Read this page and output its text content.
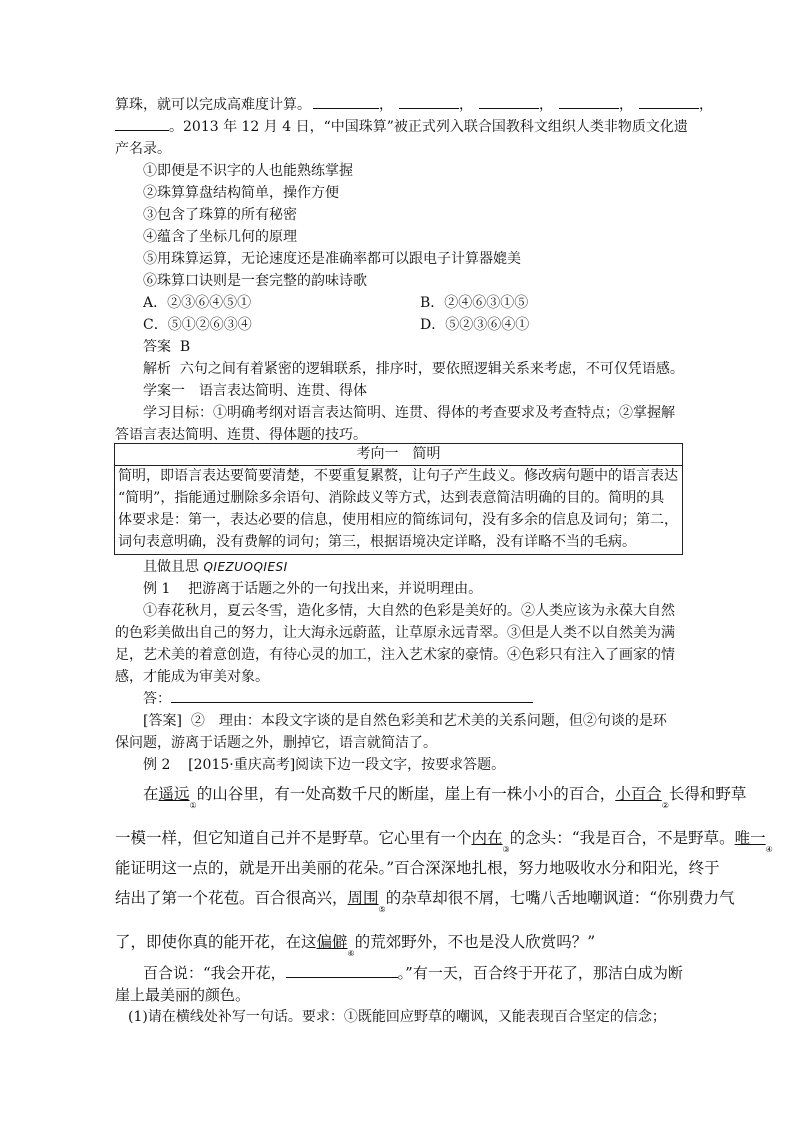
算珠，就可以完成高难度计算。	，	，	，	，	，
。2013 年 12 月 4 日，“中国珠算”被正式列入联合国教科文组织人类非物质文化遗
产名录。
①即便是不识字的人也能熟练掌握
②珠算算盘结构简单，操作方便
③包含了珠算的所有秘密
④蕴含了坐标几何的原理
⑤用珠算运算，无论速度还是准确率都可以跟电子计算器媲美
⑥珠算口诀则是一套完整的韵味诗歌
A．②③⑥④⑤①	B．②④⑥③①⑤
C．⑤①②⑥③④	D．⑤②③⑥④①
答案 B
解析 六句之间有着紧密的逻辑联系，排序时，要依照逻辑关系来考虑，不可仅凭语感。
学案一　语言表达简明、连贯、得体
学习目标：①明确考纲对语言表达简明、连贯、得体的考查要求及考查特点；②掌握解
答语言表达简明、连贯、得体题的技巧。
考向一　简明
简明，即语言表达要简要清楚，不要重复累赘，让句子产生歧义。修改病句题中的语言表达
“简明”，指能通过删除多余语句、消除歧义等方式，达到表意简洁明确的目的。简明的具
体要求是：第一，表达必要的信息，使用相应的简练词句，没有多余的信息及词句；第二，
词句表意明确，没有费解的词句；第三，根据语境决定详略，没有详略不当的毛病。
且做且思 QIEZUOQIESI
例 1 把游离于话题之外的一句找出来，并说明理由。
①春花秋月，夏云冬雪，造化多情，大自然的色彩是美好的。②人类应该为永葆大自然
的色彩美做出自己的努力，让大海永远蔚蓝，让草原永远青翠。③但是人类不以自然美为满
足，艺术美的着意创造，有待心灵的加工，注入艺术家的豪情。④色彩只有注入了画家的情
感，才能成为审美对象。
答：
[答案] ②　理由：本段文字谈的是自然色彩美和艺术美的关系问题，但②句谈的是环
保问题，游离于话题之外，删掉它，语言就简洁了。
例 2 [2015·重庆高考]阅读下边一段文字，按要求答题。
在遥远$_①$的山谷里，有一处高数千尺的断崖，崖上有一株小小的百合，小百合$_②$长得和野草
一模一样，但它知道自己并不是野草。它心里有一个内在$_③$的念头：“我是百合，不是野草。唯一$_④$
能证明这一点的，就是开出美丽的花朵。”百合深深地扎根，努力地吸收水分和阳光，终于
结出了第一个花苞。百合很高兴，周围$_⑤$的杂草却很不屑，七嘴八舌地嘲讽道：“你别费力气
了，即使你真的能开花，在这偏僻$_⑥$的荒郊野外，不也是没人欣赏吗？”
百合说：“我会开花，	。”有一天，百合终于开花了，那洁白成为断
崖上最美丽的颜色。
(1)请在横线处补写一句话。要求：①既能回应野草的嘲讽，又能表现百合坚定的信念；
